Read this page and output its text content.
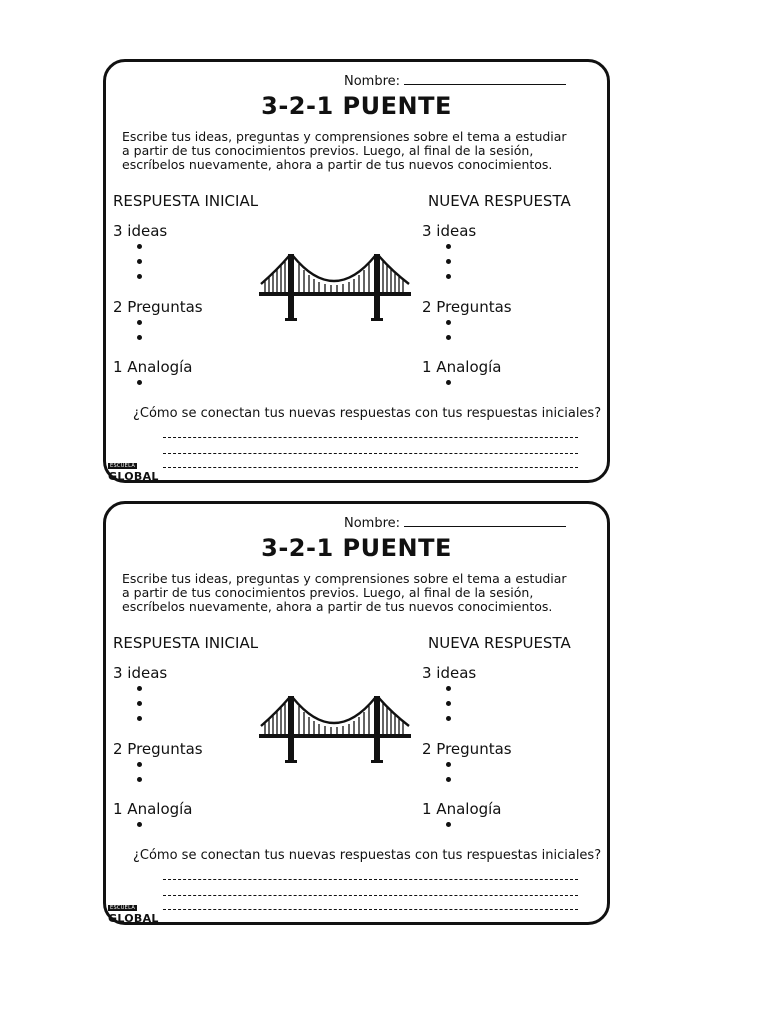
Nombre:
3-2-1 PUENTE
Escribe tus ideas, preguntas y comprensiones sobre el tema a estudiar
a partir de tus conocimientos previos. Luego, al final de la sesión,
escríbelos nuevamente, ahora a partir de tus nuevos conocimientos.
RESPUESTA INICIAL	NUEVA RESPUESTA
3 ideas
2 Preguntas
1 Analogía
3 ideas
2 Preguntas
1 Analogía
¿Cómo se conectan tus nuevas respuestas con tus respuestas iniciales?
ESCUELA
GLOBAL
Nombre:
3-2-1 PUENTE
Escribe tus ideas, preguntas y comprensiones sobre el tema a estudiar
a partir de tus conocimientos previos. Luego, al final de la sesión,
escríbelos nuevamente, ahora a partir de tus nuevos conocimientos.
RESPUESTA INICIAL	NUEVA RESPUESTA
3 ideas
2 Preguntas
1 Analogía
3 ideas
2 Preguntas
1 Analogía
¿Cómo se conectan tus nuevas respuestas con tus respuestas iniciales?
ESCUELA
GLOBAL
